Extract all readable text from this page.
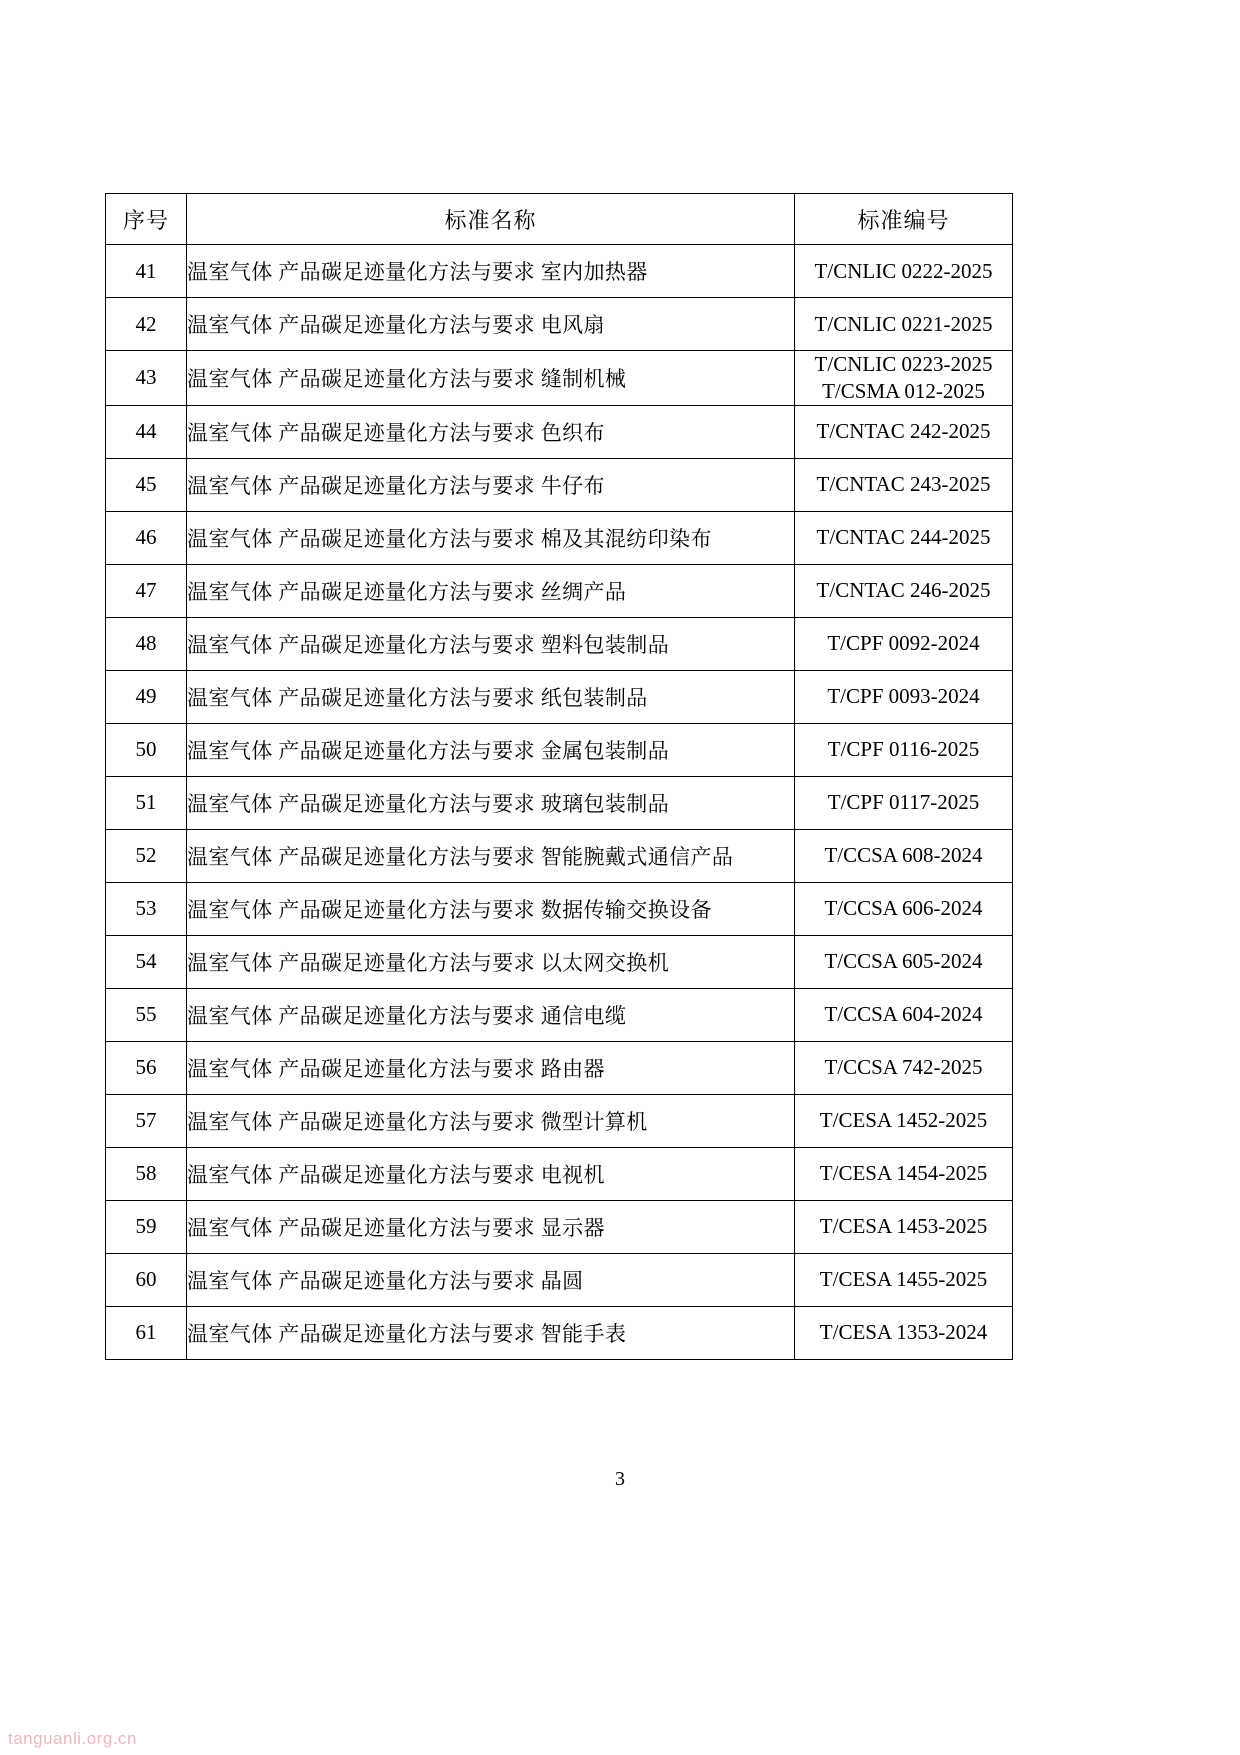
序号	标准名称	标准编号
41	温室气体 产品碳足迹量化方法与要求 室内加热器	T/CNLIC 0222-2025

42	温室气体 产品碳足迹量化方法与要求 电风扇	T/CNLIC 0221-2025

43	温室气体 产品碳足迹量化方法与要求 缝制机械	T/CNLIC 0223-2025
T/CSMA 012-2025

44	温室气体 产品碳足迹量化方法与要求 色织布	T/CNTAC 242-2025

45	温室气体 产品碳足迹量化方法与要求 牛仔布	T/CNTAC 243-2025

46	温室气体 产品碳足迹量化方法与要求 棉及其混纺印染布	T/CNTAC 244-2025

47	温室气体 产品碳足迹量化方法与要求 丝绸产品	T/CNTAC 246-2025

48	温室气体 产品碳足迹量化方法与要求 塑料包装制品	T/CPF 0092-2024

49	温室气体 产品碳足迹量化方法与要求 纸包装制品	T/CPF 0093-2024

50	温室气体 产品碳足迹量化方法与要求 金属包装制品	T/CPF 0116-2025

51	温室气体 产品碳足迹量化方法与要求 玻璃包装制品	T/CPF 0117-2025

52	温室气体 产品碳足迹量化方法与要求 智能腕戴式通信产品	T/CCSA 608-2024

53	温室气体 产品碳足迹量化方法与要求 数据传输交换设备	T/CCSA 606-2024

54	温室气体 产品碳足迹量化方法与要求 以太网交换机	T/CCSA 605-2024

55	温室气体 产品碳足迹量化方法与要求 通信电缆	T/CCSA 604-2024

56	温室气体 产品碳足迹量化方法与要求 路由器	T/CCSA 742-2025

57	温室气体 产品碳足迹量化方法与要求 微型计算机	T/CESA 1452-2025

58	温室气体 产品碳足迹量化方法与要求 电视机	T/CESA 1454-2025

59	温室气体 产品碳足迹量化方法与要求 显示器	T/CESA 1453-2025

60	温室气体 产品碳足迹量化方法与要求 晶圆	T/CESA 1455-2025

61	温室气体 产品碳足迹量化方法与要求 智能手表	T/CESA 1353-2024
3
tanguanli.org.cn
